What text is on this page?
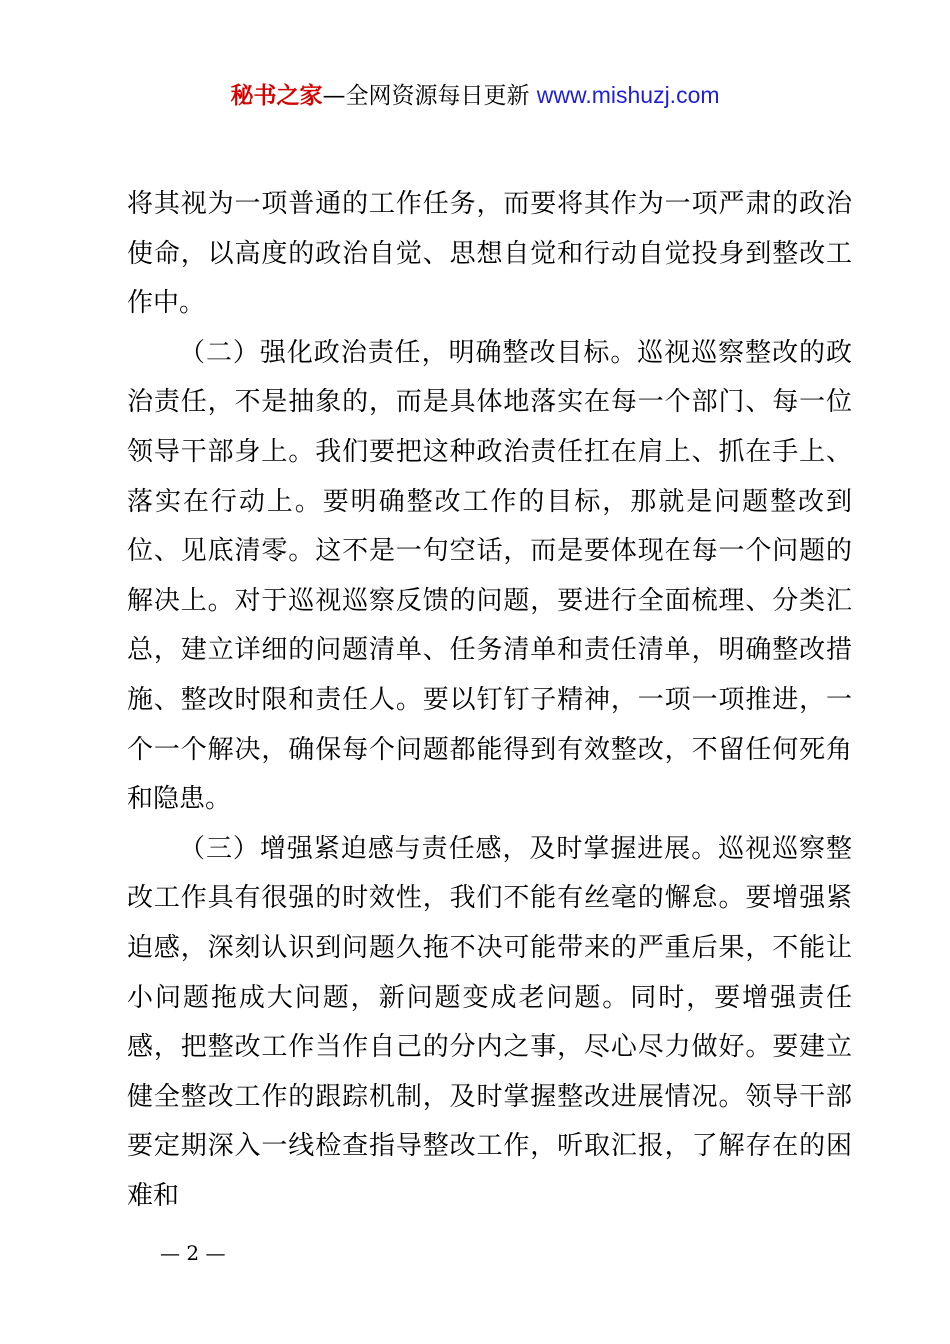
秘书之家—全网资源每日更新 www.mishuzj.com

将其视为一项普通的工作任务，而要将其作为一项严肃的政治使命，以高度的政治自觉、思想自觉和行动自觉投身到整改工作中。

（二）强化政治责任，明确整改目标。巡视巡察整改的政治责任，不是抽象的，而是具体地落实在每一个部门、每一位领导干部身上。我们要把这种政治责任扛在肩上、抓在手上、落实在行动上。要明确整改工作的目标，那就是问题整改到位、见底清零。这不是一句空话，而是要体现在每一个问题的解决上。对于巡视巡察反馈的问题，要进行全面梳理、分类汇总，建立详细的问题清单、任务清单和责任清单，明确整改措施、整改时限和责任人。要以钉钉子精神，一项一项推进，一个一个解决，确保每个问题都能得到有效整改，不留任何死角和隐患。

（三）增强紧迫感与责任感，及时掌握进展。巡视巡察整改工作具有很强的时效性，我们不能有丝毫的懈怠。要增强紧迫感，深刻认识到问题久拖不决可能带来的严重后果，不能让小问题拖成大问题，新问题变成老问题。同时，要增强责任感，把整改工作当作自己的分内之事，尽心尽力做好。要建立健全整改工作的跟踪机制，及时掌握整改进展情况。领导干部要定期深入一线检查指导整改工作，听取汇报，了解存在的困难和

— 2 —
